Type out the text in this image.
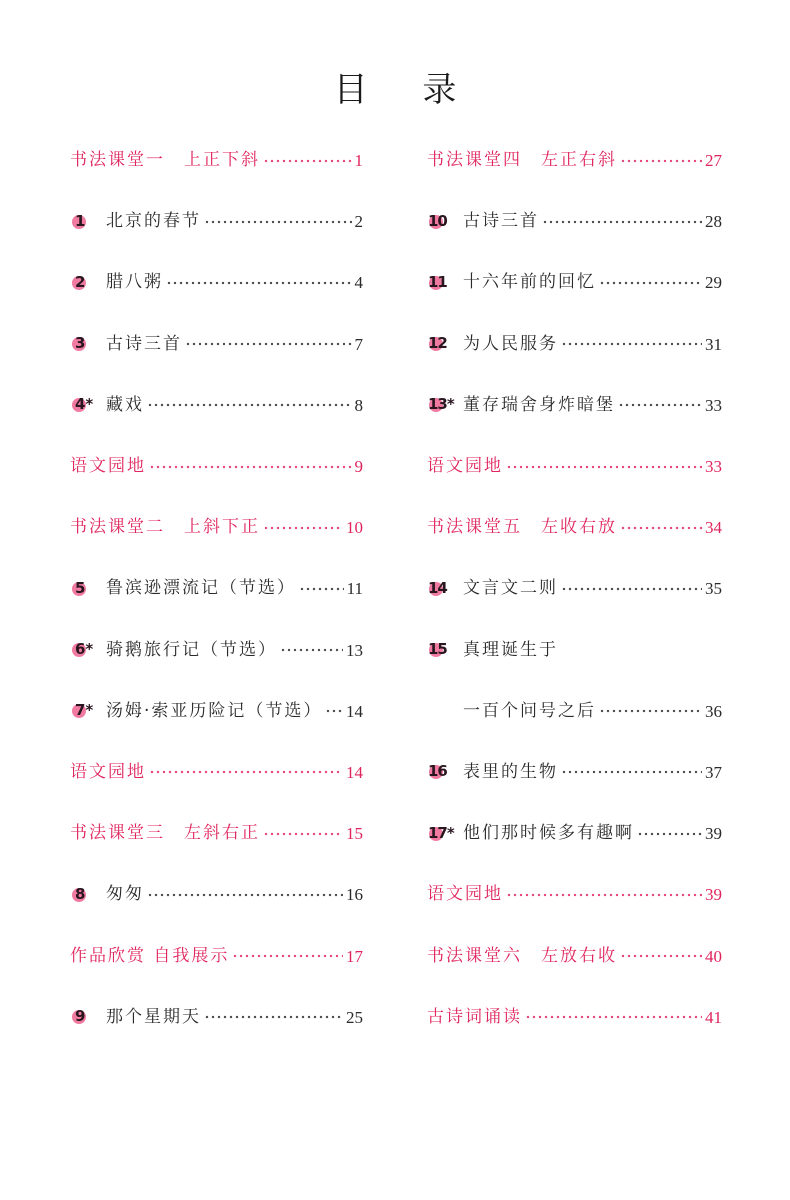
目 录
书法课堂一　上正下斜	1
1	北京的春节	2
2	腊八粥	4
3	古诗三首	7
4* 藏戏	8
语文园地	9
书法课堂二　上斜下正	10
5	鲁滨逊漂流记（节选）	11
6* 骑鹅旅行记（节选）	13
7* 汤姆·索亚历险记（节选） 14
语文园地	14
书法课堂三　左斜右正	15
8	匆匆	16
作品欣赏 自我展示	17
9	那个星期天	25
书法课堂四　左正右斜	27
10 古诗三首	28
11 十六年前的回忆	29
12 为人民服务	31
13* 董存瑞舍身炸暗堡	33
语文园地	33
书法课堂五　左收右放	34
14 文言文二则	35
15 真理诞生于
一百个问号之后	36
16 表里的生物	37
17* 他们那时候多有趣啊	39
语文园地	39
书法课堂六　左放右收	40
古诗词诵读	41
